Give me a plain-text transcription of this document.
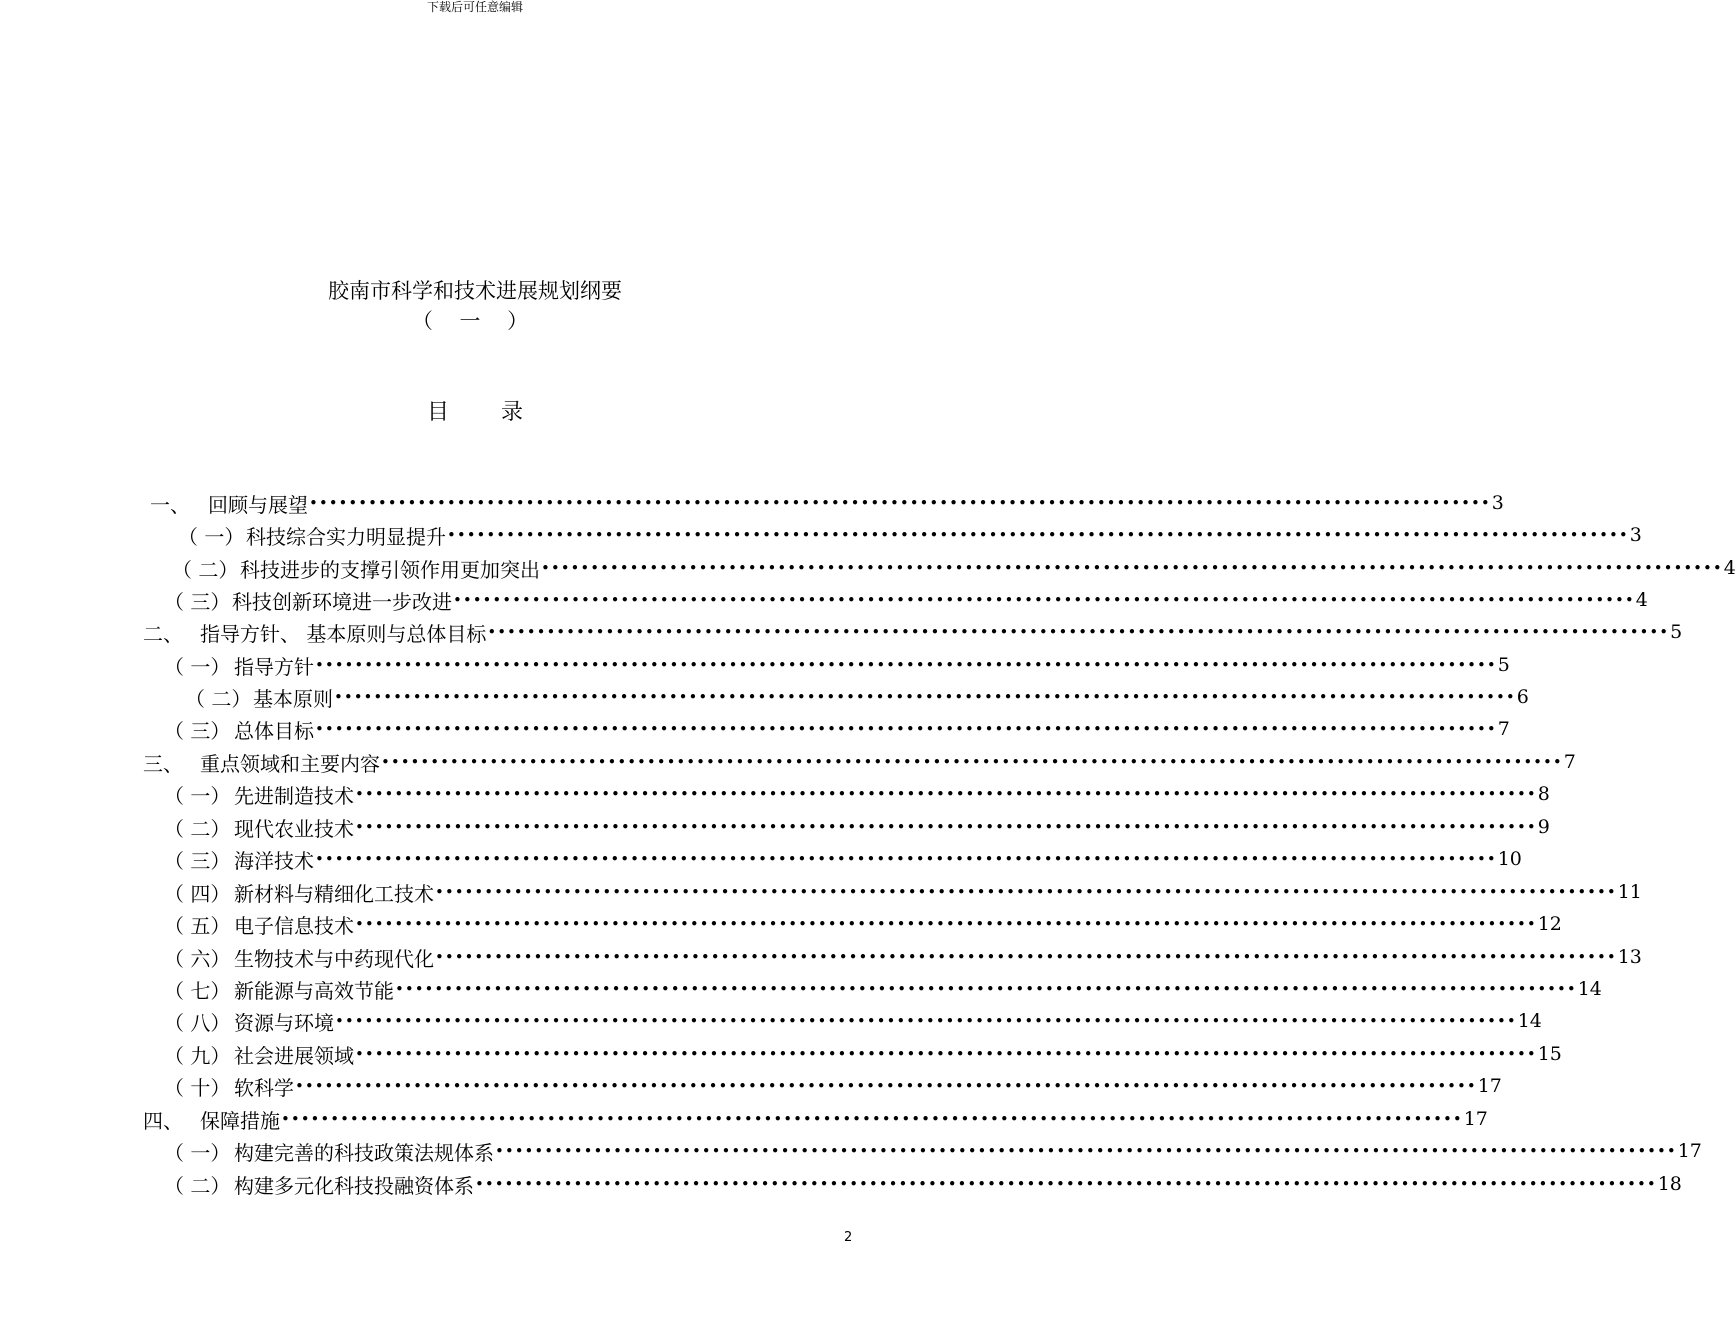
下载后可任意编辑
胶南市科学和技术进展规划纲要
（ 一 ）
目 录
一、 回顾与展望 •••••••••••••••••••••••••••••••••••••••••••••••••••••••••••••••••••••••••••••••••••••••••••••••••••••••••••••••••••••••• 3
（ 一） 科技综合实力明显提升 •••••••••••••••••••••••••••••••••••••••••••••••••••••••••••••••••••••••••••••••••••••••••••••••••••••••••••••••••••••••• 3
（ 二） 科技进步的支撑引领作用更加突出 •••••••••••••••••••••••••••••••••••••••••••••••••••••••••••••••••••••••••••••••••••••••••••••••••••••••••••••••••••••••• 4
（ 三） 科技创新环境进一步改进 •••••••••••••••••••••••••••••••••••••••••••••••••••••••••••••••••••••••••••••••••••••••••••••••••••••••••••••••••••••••• 4
二、 指导方针、 基本原则与总体目标 •••••••••••••••••••••••••••••••••••••••••••••••••••••••••••••••••••••••••••••••••••••••••••••••••••••••••••••••••••••••• 5
（ 一） 指导方针 •••••••••••••••••••••••••••••••••••••••••••••••••••••••••••••••••••••••••••••••••••••••••••••••••••••••••••••••••••••••• 5
（ 二） 基本原则 •••••••••••••••••••••••••••••••••••••••••••••••••••••••••••••••••••••••••••••••••••••••••••••••••••••••••••••••••••••••• 6
（ 三） 总体目标 •••••••••••••••••••••••••••••••••••••••••••••••••••••••••••••••••••••••••••••••••••••••••••••••••••••••••••••••••••••••• 7
三、 重点领域和主要内容 •••••••••••••••••••••••••••••••••••••••••••••••••••••••••••••••••••••••••••••••••••••••••••••••••••••••••••••••••••••••• 7
（ 一） 先进制造技术 •••••••••••••••••••••••••••••••••••••••••••••••••••••••••••••••••••••••••••••••••••••••••••••••••••••••••••••••••••••••• 8
（ 二） 现代农业技术 •••••••••••••••••••••••••••••••••••••••••••••••••••••••••••••••••••••••••••••••••••••••••••••••••••••••••••••••••••••••• 9
（ 三） 海洋技术 •••••••••••••••••••••••••••••••••••••••••••••••••••••••••••••••••••••••••••••••••••••••••••••••••••••••••••••••••••••••• 10
（ 四） 新材料与精细化工技术 •••••••••••••••••••••••••••••••••••••••••••••••••••••••••••••••••••••••••••••••••••••••••••••••••••••••••••••••••••••••• 11
（ 五） 电子信息技术 •••••••••••••••••••••••••••••••••••••••••••••••••••••••••••••••••••••••••••••••••••••••••••••••••••••••••••••••••••••••• 12
（ 六） 生物技术与中药现代化 •••••••••••••••••••••••••••••••••••••••••••••••••••••••••••••••••••••••••••••••••••••••••••••••••••••••••••••••••••••••• 13
（ 七） 新能源与高效节能 •••••••••••••••••••••••••••••••••••••••••••••••••••••••••••••••••••••••••••••••••••••••••••••••••••••••••••••••••••••••• 14
（ 八） 资源与环境 •••••••••••••••••••••••••••••••••••••••••••••••••••••••••••••••••••••••••••••••••••••••••••••••••••••••••••••••••••••••• 14
（ 九） 社会进展领域 •••••••••••••••••••••••••••••••••••••••••••••••••••••••••••••••••••••••••••••••••••••••••••••••••••••••••••••••••••••••• 15
（ 十） 软科学 •••••••••••••••••••••••••••••••••••••••••••••••••••••••••••••••••••••••••••••••••••••••••••••••••••••••••••••••••••••••• 17
四、 保障措施 •••••••••••••••••••••••••••••••••••••••••••••••••••••••••••••••••••••••••••••••••••••••••••••••••••••••••••••••••••••••• 17
（ 一） 构建完善的科技政策法规体系 •••••••••••••••••••••••••••••••••••••••••••••••••••••••••••••••••••••••••••••••••••••••••••••••••••••••••••••••••••••••• 17
（ 二） 构建多元化科技投融资体系 •••••••••••••••••••••••••••••••••••••••••••••••••••••••••••••••••••••••••••••••••••••••••••••••••••••••••••••••••••••••• 18
2
